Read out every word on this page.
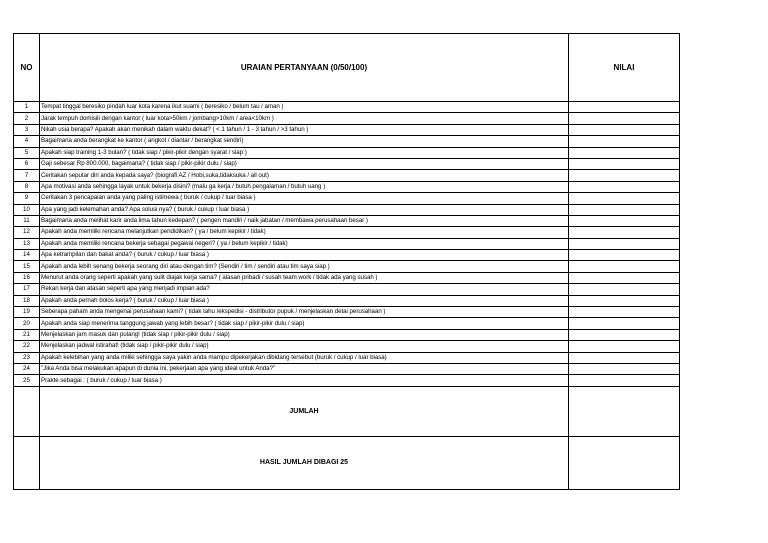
NO	URAIAN PERTANYAAN (0/50/100)	NILAI
1	Tempat tinggal beresiko pindah luar kota karena ikut suami ( beresiko / belum tau / aman )	
2	Jarak tempuh domisili dengan kantor ( luar kota>50km / jombang>10km / area<10km )	
3	Nikah usia berapa? Apakah akan menikah dalam waktu dekat? ( < 1 tahun / 1 - 3 tahun / >3 tahun )	
4	Bagaimana anda berangkat ke kantor ( angkot / diantar / berangkat sendiri)	
5	Apakah siap training 1-3 bulan? ( tidak siap / pikir-pikir dengan syarat / siap )	
6	Gaji sebesar Rp 800.000, bagaimana? ( tidak siap / pikir-pikir dulu / siap)	
7	Ceritakan seputar diri anda kepada saya? (biografi AZ / Hobi,suka,tidaksuka / all out)	
8	Apa motivasi anda sehingga layak untuk bekerja disini? (malu ga kerja / butuh pengalaman / butuh uang )	
9	Ceritakan 3 pencapaian anda yang paling istimewa ( buruk / cukup / luar biasa )	
10	Apa yang jadi kelemahan anda? Apa solusi nya? ( buruk / cukup / luar biasa )	
11	Bagaimana anda melihat karir anda lima tahun kedepan? ( pengen mandiri / naik jabatan / membawa perusahaan besar )	
12	Apakah anda memiliki rencana melanjutkan pendidikan? ( ya / belum kepikir / tidak)	
13	Apakah anda memiliki rencana bekerja sebagai pegawai negeri? ( ya / belum kepikir / tidak)	
14	Apa ketrampilan dan bakat anda? ( buruk / cukup / luar biasa )	
15	Apakah anda lebih senang bekerja seorang diri atau dengan tim? (Sendiri / tim / sendiri atau tim saya siap )	
16	Menurut anda orang seperti apakah yang sulit diajak kerja sama? ( alasan pribadi / susah team work / tidak ada yang susah )	
17	Rekan kerja dan atasan seperti apa yang menjadi impian ada?	
18	Apakah anda pernah bolos kerja? ( buruk / cukup / luar biasa )	
19	Seberapa paham anda mengenai perusahaan kami? ( tidak tahu /ekspedisi - distributor pupuk / menjelaskan detai perusahaan )	
20	Apakah anda siap menerima tanggung jawab yang lebih besar? ( tidak siap / pikir-pikir dulu / siap)	
21	Menjelaskan jam masuk dan pulang! (tidak siap / pikir-pikir dulu / siap)	
22	Menjelaskan jadwal istirahat! (tidak siap / pikir-pikir dulu / siap)	
23	Apakah kelebihan yang anda miliki sehingga saya yakin anda mampu dipekerjakan dibidang tersebut (buruk / cukup / luar biasa)	
24	"Jika Anda bisa melakukan apapun di dunia ini, pekerjaan apa yang ideal untuk Anda?"	
25	Prakte sebagai : ( buruk / cukup / luar biasa )	
	JUMLAH	
	HASIL JUMLAH DIBAGI 25	
